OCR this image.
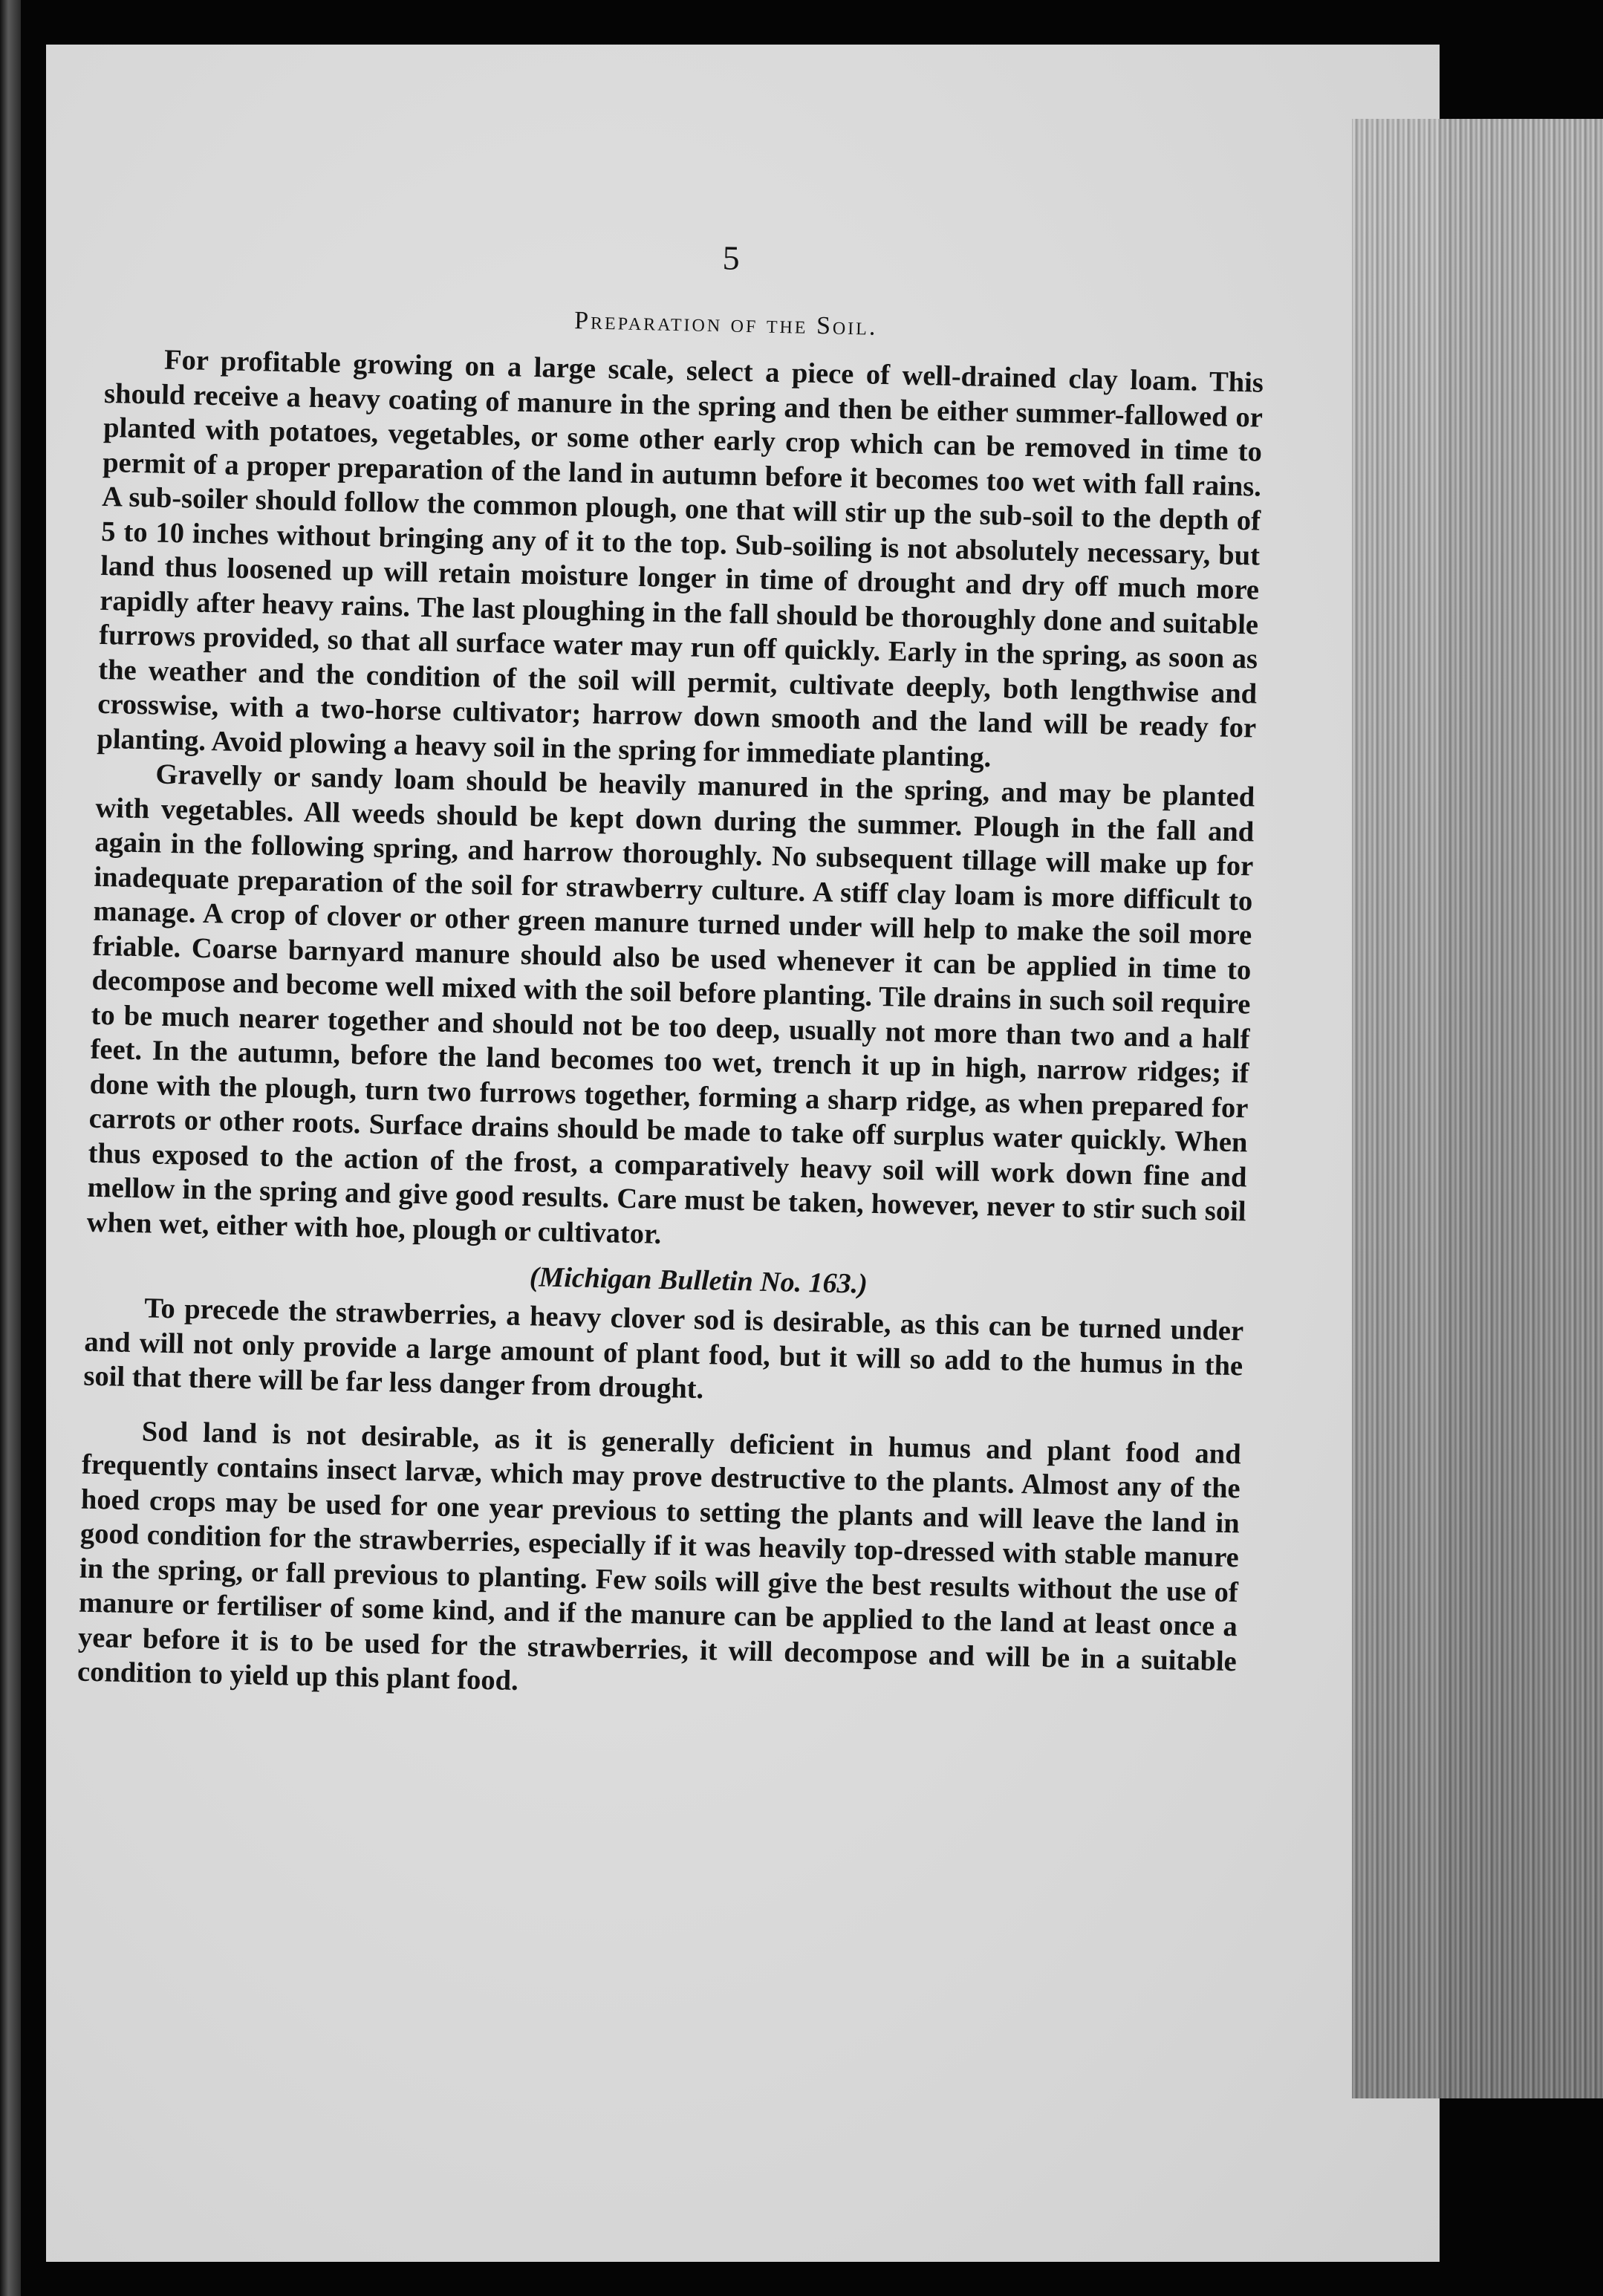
5
Preparation of the Soil.

For profitable growing on a large scale, select a piece of well-drained clay loam. This should receive a heavy coating of manure in the spring and then be either summer-fallowed or planted with potatoes, vegetables, or some other early crop which can be removed in time to permit of a proper preparation of the land in autumn before it becomes too wet with fall rains. A sub-soiler should follow the common plough, one that will stir up the sub-soil to the depth of 5 to 10 inches without bringing any of it to the top. Sub-soiling is not absolutely necessary, but land thus loosened up will retain moisture longer in time of drought and dry off much more rapidly after heavy rains. The last ploughing in the fall should be thoroughly done and suitable furrows provided, so that all surface water may run off quickly. Early in the spring, as soon as the weather and the condition of the soil will permit, cultivate deeply, both lengthwise and crosswise, with a two-horse cultivator; harrow down smooth and the land will be ready for planting. Avoid plowing a heavy soil in the spring for immediate planting.

Gravelly or sandy loam should be heavily manured in the spring, and may be planted with vegetables. All weeds should be kept down during the summer. Plough in the fall and again in the following spring, and harrow thoroughly. No subsequent tillage will make up for inadequate preparation of the soil for strawberry culture. A stiff clay loam is more difficult to manage. A crop of clover or other green manure turned under will help to make the soil more friable. Coarse barnyard manure should also be used whenever it can be applied in time to decompose and become well mixed with the soil before planting. Tile drains in such soil require to be much nearer together and should not be too deep, usually not more than two and a half feet. In the autumn, before the land becomes too wet, trench it up in high, narrow ridges; if done with the plough, turn two furrows together, forming a sharp ridge, as when prepared for carrots or other roots. Surface drains should be made to take off surplus water quickly. When thus exposed to the action of the frost, a comparatively heavy soil will work down fine and mellow in the spring and give good results. Care must be taken, however, never to stir such soil when wet, either with hoe, plough or cultivator.

(Michigan Bulletin No. 163.)

To precede the strawberries, a heavy clover sod is desirable, as this can be turned under and will not only provide a large amount of plant food, but it will so add to the humus in the soil that there will be far less danger from drought.

Sod land is not desirable, as it is generally deficient in humus and plant food and frequently contains insect larvæ, which may prove destructive to the plants. Almost any of the hoed crops may be used for one year previous to setting the plants and will leave the land in good condition for the strawberries, especially if it was heavily top-dressed with stable manure in the spring, or fall previous to planting. Few soils will give the best results without the use of manure or fertiliser of some kind, and if the manure can be applied to the land at least once a year before it is to be used for the strawberries, it will decompose and will be in a suitable condition to yield up this plant food.
